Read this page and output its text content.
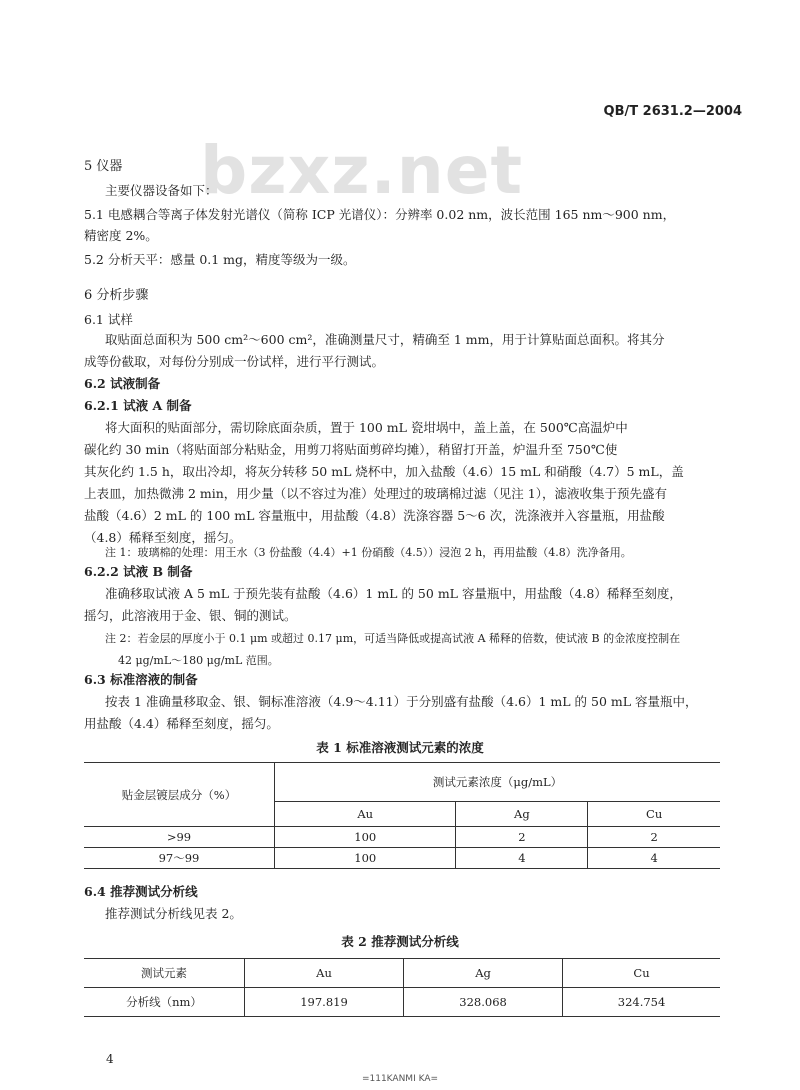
bzxz.net
QB/T 2631.2—2004
5 仪器
主要仪器设备如下：
5.1 电感耦合等离子体发射光谱仪（简称 ICP 光谱仪）：分辨率 0.02 nm，波长范围 165 nm～900 nm，
精密度 2%。
5.2 分析天平：感量 0.1 mg，精度等级为一级。
6 分析步骤
6.1 试样
取贴面总面积为 500 cm²～600 cm²，准确测量尺寸，精确至 1 mm，用于计算贴面总面积。将其分
成等份截取，对每份分别成一份试样，进行平行测试。
6.2 试液制备
6.2.1 试液 A 制备
将大面积的贴面部分，需切除底面杂质，置于 100 mL 瓷坩埚中，盖上盖，在 500℃高温炉中
碳化约 30 min（将贴面部分粘贴金，用剪刀将贴面剪碎均摊），稍留打开盖，炉温升至 750℃使
其灰化约 1.5 h，取出冷却，将灰分转移 50 mL 烧杯中，加入盐酸（4.6）15 mL 和硝酸（4.7）5 mL，盖
上表皿，加热微沸 2 min，用少量（以不容过为准）处理过的玻璃棉过滤（见注 1），滤液收集于预先盛有
盐酸（4.6）2 mL 的 100 mL 容量瓶中，用盐酸（4.8）洗涤容器 5～6 次，洗涤液并入容量瓶，用盐酸
（4.8）稀释至刻度，摇匀。
注 1：玻璃棉的处理：用王水（3 份盐酸（4.4）+1 份硝酸（4.5））浸泡 2 h，再用盐酸（4.8）洗净备用。
6.2.2 试液 B 制备
准确移取试液 A 5 mL 于预先装有盐酸（4.6）1 mL 的 50 mL 容量瓶中，用盐酸（4.8）稀释至刻度，
摇匀，此溶液用于金、银、铜的测试。
注 2：若金层的厚度小于 0.1 μm 或超过 0.17 μm，可适当降低或提高试液 A 稀释的倍数，使试液 B 的金浓度控制在
42 μg/mL～180 μg/mL 范围。
6.3 标准溶液的制备
按表 1 准确量移取金、银、铜标准溶液（4.9～4.11）于分别盛有盐酸（4.6）1 mL 的 50 mL 容量瓶中，
用盐酸（4.4）稀释至刻度，摇匀。
表 1 标准溶液测试元素的浓度
贴金层镀层成分（%）	测试元素浓度（μg/mL）		
	Au	Ag	Cu
>99	100	2	2
97～99	100	4	4
6.4 推荐测试分析线
推荐测试分析线见表 2。
表 2 推荐测试分析线
测试元素	Au	Ag	Cu
分析线（nm）	197.819	328.068	324.754
4
=111KANMI KA=
